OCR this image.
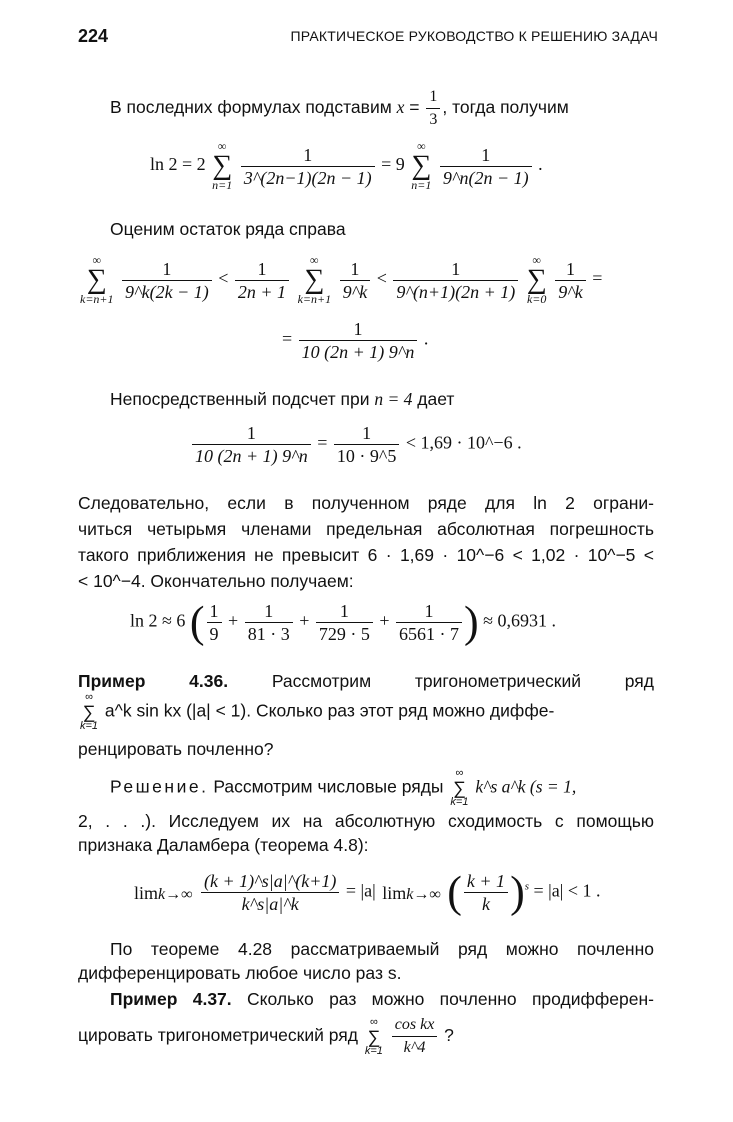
224	ПРАКТИЧЕСКОЕ РУКОВОДСТВО К РЕШЕНИЮ ЗАДАЧ
В последних формулах подставим $x = \frac{1}{3}$ , тогда получим
ln 2 = 2 ∞
∑
$n=1 \frac{1}{3\^{}(2n-1)(2n - 1)} = 9$ ∞
∑
$n=1 \frac{1}{9\^{}n(2n - 1)}$ .
Оценим остаток ряда справа
∞
∑
$k=n+1 \frac{1}{9\^{}k(2k - 1)} < \frac{1}{2n + 1}$ ∞
∑
$k=n+1 \frac{1}{9\^{}k} < \frac{1}{9\^{}(n+1)(2n + 1)}$ ∞
∑
$k=0 \frac{1}{9\^{}k}$ =
= $\frac{1}{10 (2n + 1) 9\^{}n}$ .
Непосредственный подсчет при n = 4 дает
$\frac{1}{10 (2n + 1) 9\^{}n} = \frac{1}{10 \cdot 9\^{}5} < 1,69$ · 10^−6 .
Следовательно, если в полученном ряде для ln 2 ограни-
читься четырьмя членами предельная абсолютная погрешность
такого приближения не превысит 6 · 1,69 · 10^−6 < 1,02 · 10^−5 <
< 10^−4. Окончательно получаем:
ln 2 ≈ 6 ( $\frac{1}{9} + \frac{1}{81 \cdot 3} + \frac{1}{729 \cdot 5} + \frac{1}{6561 \cdot 7}$ ) ≈ 0,6931 .
Пример 4.36.	Рассмотрим тригонометрический ряд
∞
∑
k=1 a^k sin kx (|a| < 1). Сколько раз этот ряд можно диффе-
ренцировать почленно?
Решение. Рассмотрим числовые ряды ∞
∑
k=1 k^s a^k (s = 1,
2, . . .). Исследуем их на абсолютную сходимость с помощью
признака Даламбера (теорема 4.8):
$\lim k\to\infty \frac{(k + 1)\^{}s|a|\^{}(k+1)}{k\^{}s|a|\^{}k} = |a|$ limk→∞ ( $\frac{k + 1}{k} )^s = |a| < 1$ .
По теореме 4.28 рассматриваемый ряд можно почленно
дифференцировать любое число раз s.
Пример 4.37. Сколько раз можно почленно продифферен-
цировать тригонометрический ряд ∞
∑
$k=1 \frac{\text{cos kx}}{k\^{}4}$ ?
